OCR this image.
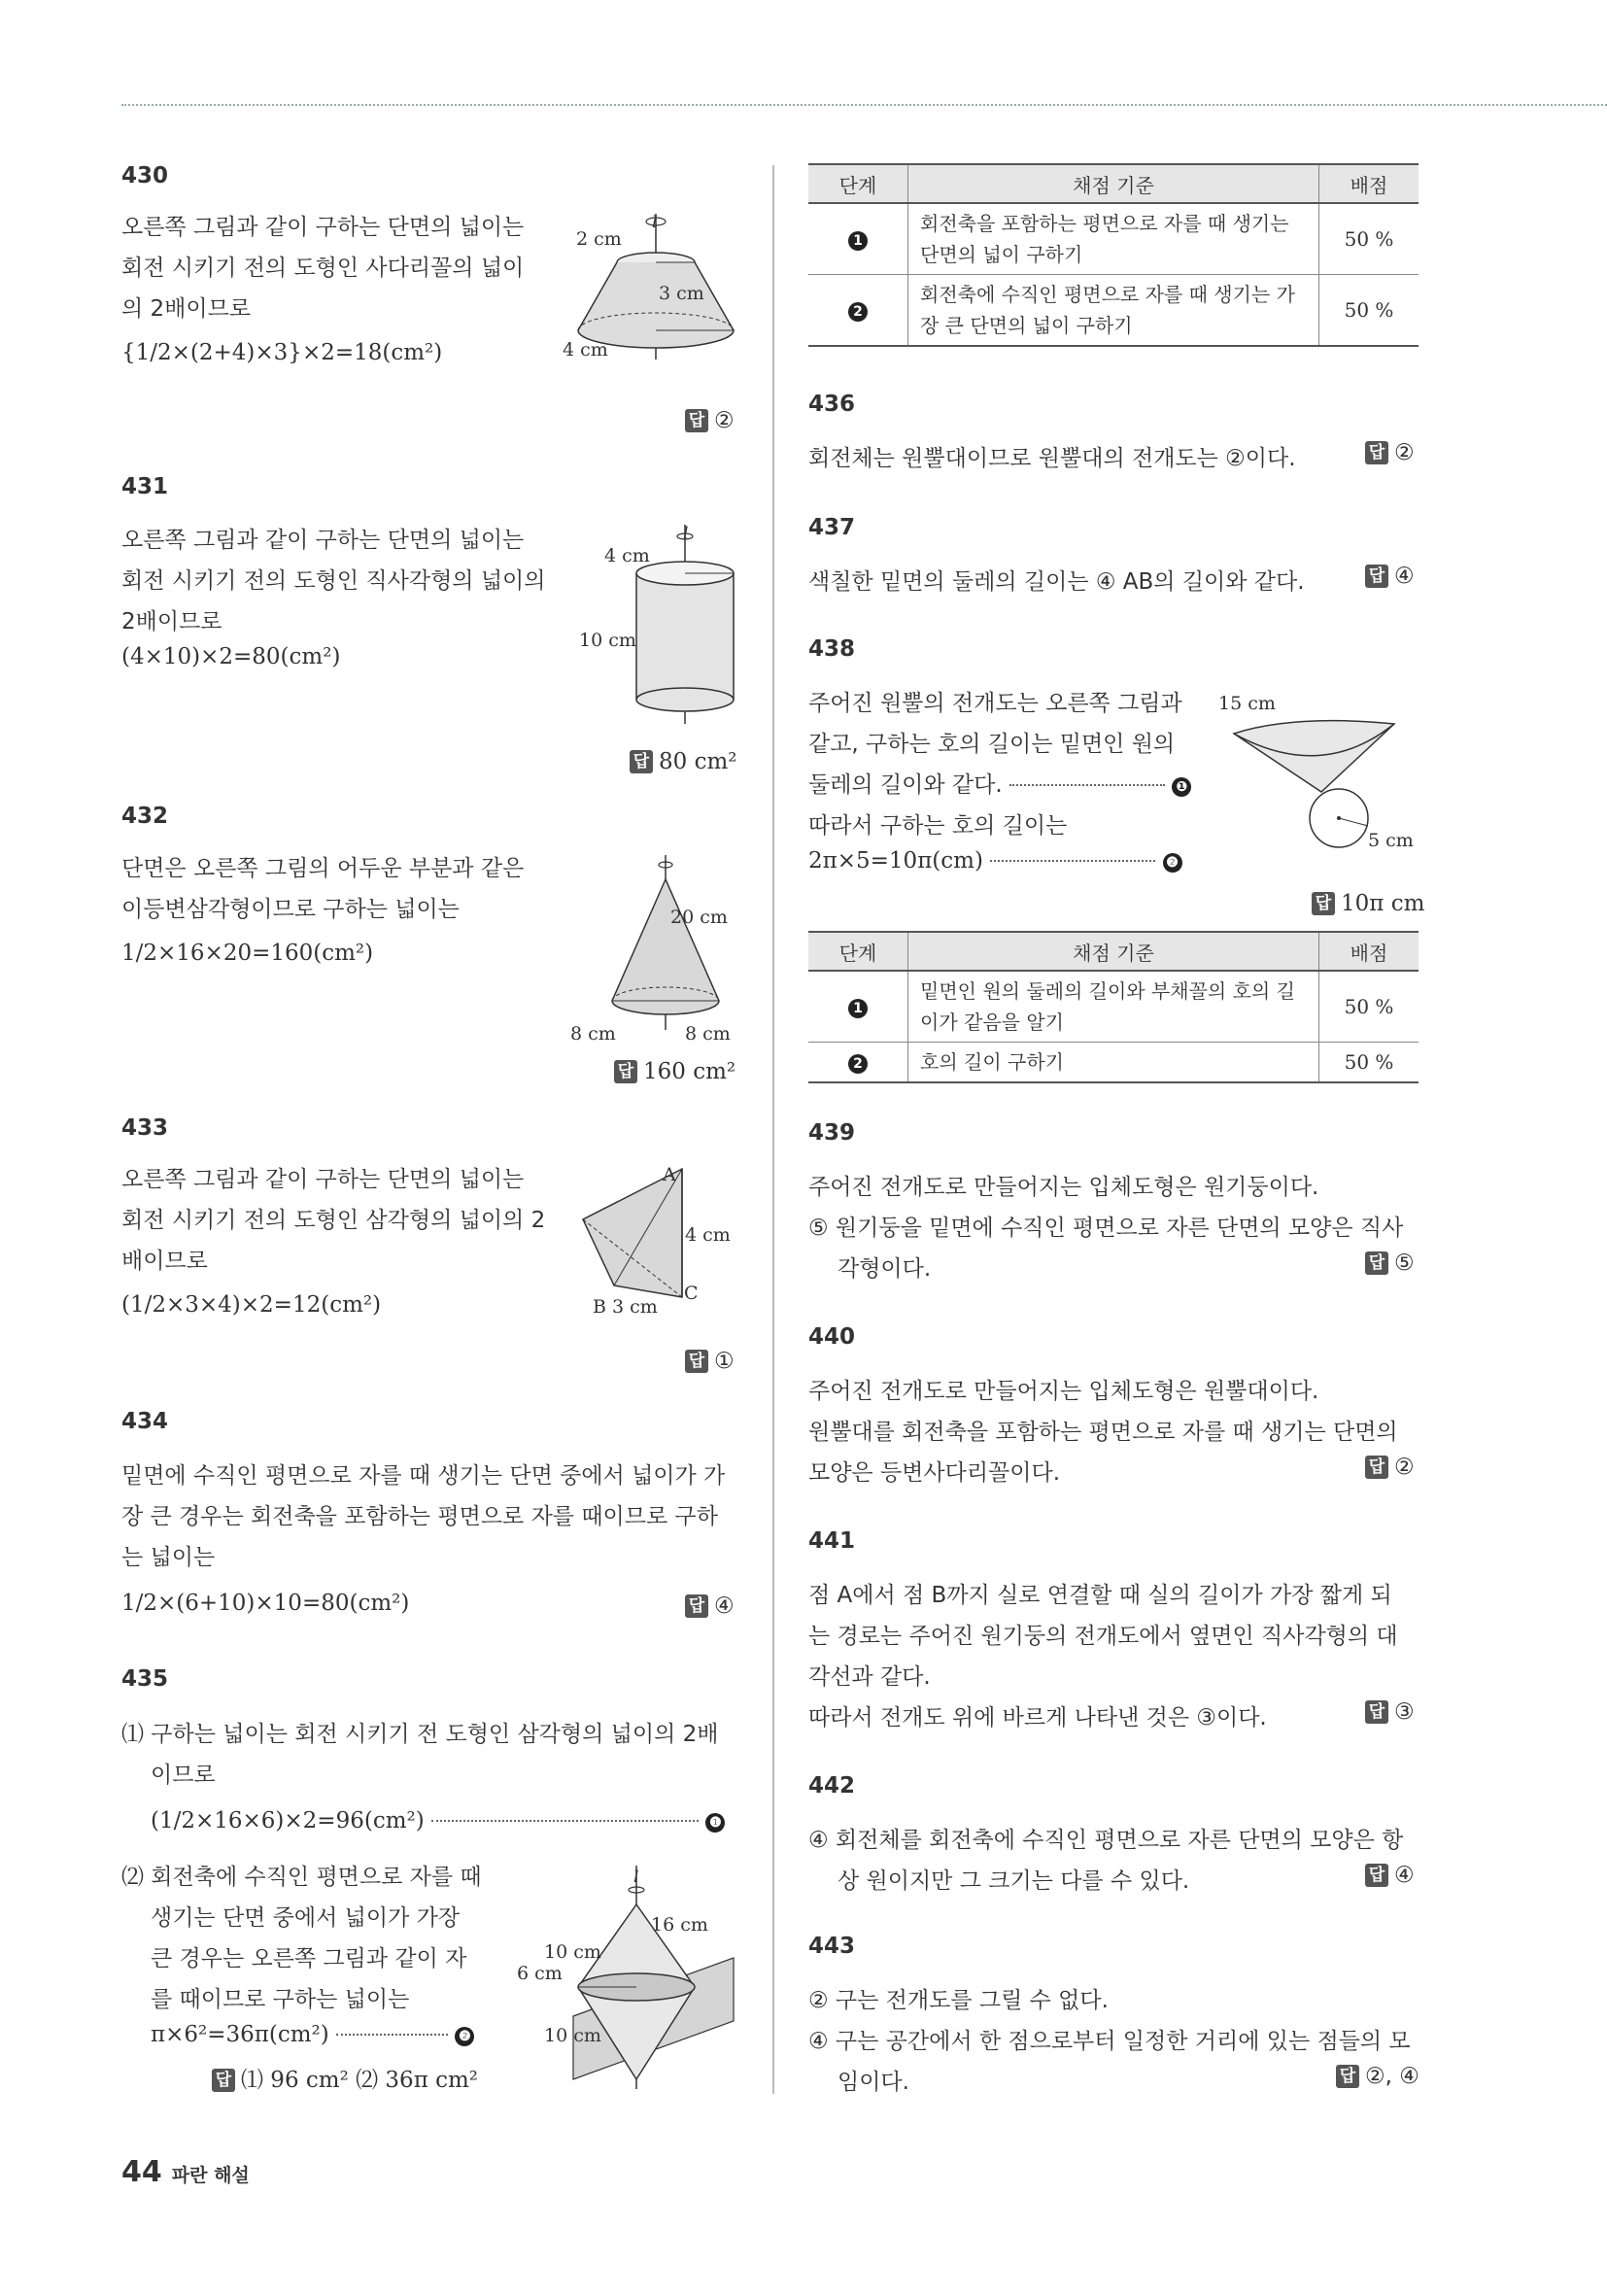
430
오른쪽 그림과 같이 구하는 단면의 넓이는
회전 시키기 전의 도형인 사다리꼴의 넓이
의 2배이므로
{1/2×(2+4)×3}×2=18(cm²)
2 cm
3 cm
4 cm
l
답 ②
431
오른쪽 그림과 같이 구하는 단면의 넓이는
회전 시키기 전의 도형인 직사각형의 넓이의
2배이므로
(4×10)×2=80(cm²)
4 cm
10 cm
l
답 80 cm²
432
단면은 오른쪽 그림의 어두운 부분과 같은
이등변삼각형이므로 구하는 넓이는
1/2×16×20=160(cm²)
20 cm
8 cm	8 cm
답 160 cm²
433
오른쪽 그림과 같이 구하는 단면의 넓이는
회전 시키기 전의 도형인 삼각형의 넓이의 2
배이므로
(1/2×3×4)×2=12(cm²)
A
B
C
4 cm
3 cm
답 ①
434
밑면에 수직인 평면으로 자를 때 생기는 단면 중에서 넓이가 가
장 큰 경우는 회전축을 포함하는 평면으로 자를 때이므로 구하
는 넓이는
1/2×(6+10)×10=80(cm²)	답 ④
435
⑴ 구하는 넓이는 회전 시키기 전 도형인 삼각형의 넓이의 2배
이므로
(1/2×16×6)×2=96(cm²)	❶
⑵ 회전축에 수직인 평면으로 자를 때
생기는 단면 중에서 넓이가 가장
큰 경우는 오른쪽 그림과 같이 자
를 때이므로 구하는 넓이는
π×6²=36π(cm²)	❷
10 cm
16 cm
6 cm
10 cm
l
답 ⑴ 96 cm² ⑵ 36π cm²
단계	채점 기준	배점
1	회전축을 포함하는 평면으로 자를 때 생기는
단면의 넓이 구하기	50 %
2	회전축에 수직인 평면으로 자를 때 생기는 가
장 큰 단면의 넓이 구하기	50 %
436
회전체는 원뿔대이므로 원뿔대의 전개도는 ②이다.	답 ②
437
색칠한 밑면의 둘레의 길이는 ④ AB의 길이와 같다.	답 ④
438
주어진 원뿔의 전개도는 오른쪽 그림과
같고, 구하는 호의 길이는 밑면인 원의
둘레의 길이와 같다.	❶
따라서 구하는 호의 길이는
2π×5=10π(cm)	❷
15 cm
5 cm
답 10π cm
단계	채점 기준	배점
1	밑면인 원의 둘레의 길이와 부채꼴의 호의 길
이가 같음을 알기	50 %
2	호의 길이 구하기	50 %
439
주어진 전개도로 만들어지는 입체도형은 원기둥이다.
⑤ 원기둥을 밑면에 수직인 평면으로 자른 단면의 모양은 직사
각형이다.	답 ⑤
440
주어진 전개도로 만들어지는 입체도형은 원뿔대이다.
원뿔대를 회전축을 포함하는 평면으로 자를 때 생기는 단면의
모양은 등변사다리꼴이다.	답 ②
441
점 A에서 점 B까지 실로 연결할 때 실의 길이가 가장 짧게 되
는 경로는 주어진 원기둥의 전개도에서 옆면인 직사각형의 대
각선과 같다.
따라서 전개도 위에 바르게 나타낸 것은 ③이다.	답 ③
442
④ 회전체를 회전축에 수직인 평면으로 자른 단면의 모양은 항
상 원이지만 그 크기는 다를 수 있다.	답 ④
443
② 구는 전개도를 그릴 수 없다.
④ 구는 공간에서 한 점으로부터 일정한 거리에 있는 점들의 모
임이다.	답 ②, ④
44 파란 해설
